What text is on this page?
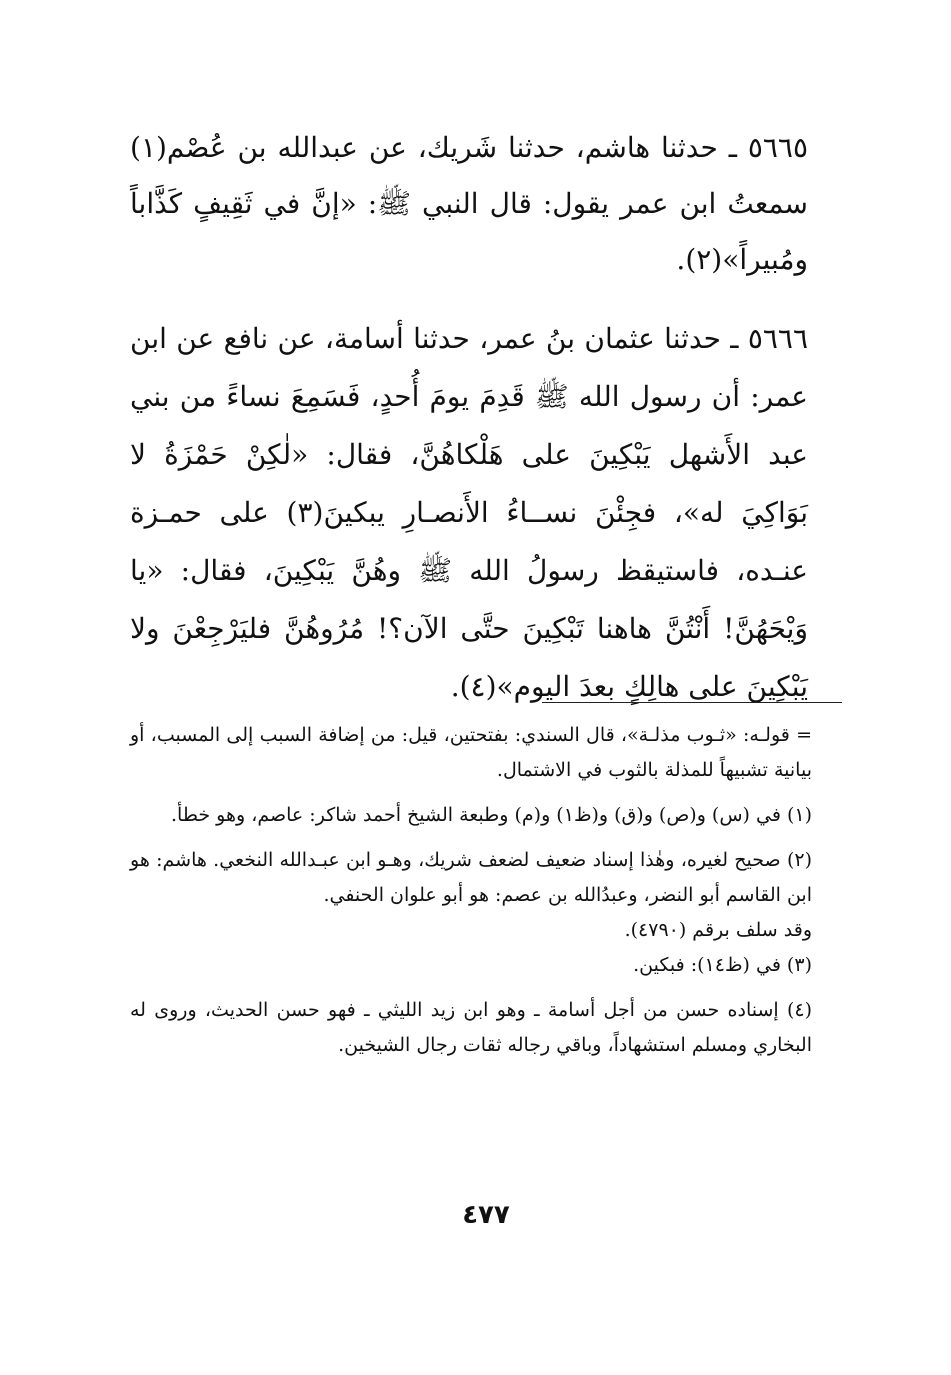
٥٦٦٥ ـ حدثنا هاشم، حدثنا شَريك، عن عبدالله بن عُصْم(١) سمعتُ ابن عمر يقول: قال النبي ﷺ: «إنَّ في ثَقِيفٍ كَذَّاباً ومُبيراً»(٢).

٥٦٦٦ ـ حدثنا عثمان بنُ عمر، حدثنا أسامة، عن نافع عن ابن عمر: أن رسول الله ﷺ قَدِمَ يومَ أُحدٍ، فَسَمِعَ نساءً من بني عبد الأَشهل يَبْكِينَ على هَلْكاهُنَّ، فقال: «لٰكِنْ حَمْزَةُ لا بَوَاكِيَ له»، فجِئْنَ نســاءُ الأَنصـارِ يبكينَ(٣) على حمـزة عنـده، فاستيقظ رسولُ الله ﷺ وهُنَّ يَبْكِينَ، فقال: «يا وَيْحَهُنَّ! أَنْتُنَّ هاهنا تَبْكِينَ حتَّى الآن؟! مُرُوهُنَّ فليَرْجِعْنَ ولا يَبْكِينَ على هالِكٍ بعدَ اليوم»(٤).

= قولـه: «ثـوب مذلـة»، قال السندي: بفتحتين، قيل: من إضافة السبب إلى المسبب، أو بيانية تشبيهاً للمذلة بالثوب في الاشتمال.

(١) في (س) و(ص) و(ق) و(ظ١) و(م) وطبعة الشيخ أحمد شاكر: عاصم، وهو خطأ.

(٢) صحيح لغيره، وهٰذا إسناد ضعيف لضعف شريك، وهـو ابن عبـدالله النخعي. هاشم: هو ابن القاسم أبو النضر، وعبدُالله بن عصم: هو أبو علوان الحنفي.

وقد سلف برقم (٤٧٩٠).

(٣) في (ظ١٤): فبكين.

(٤) إسناده حسن من أجل أسامة ـ وهو ابن زيد الليثي ـ فهو حسن الحديث، وروى له البخاري ومسلم استشهاداً، وباقي رجاله ثقات رجال الشيخين.

٤٧٧
